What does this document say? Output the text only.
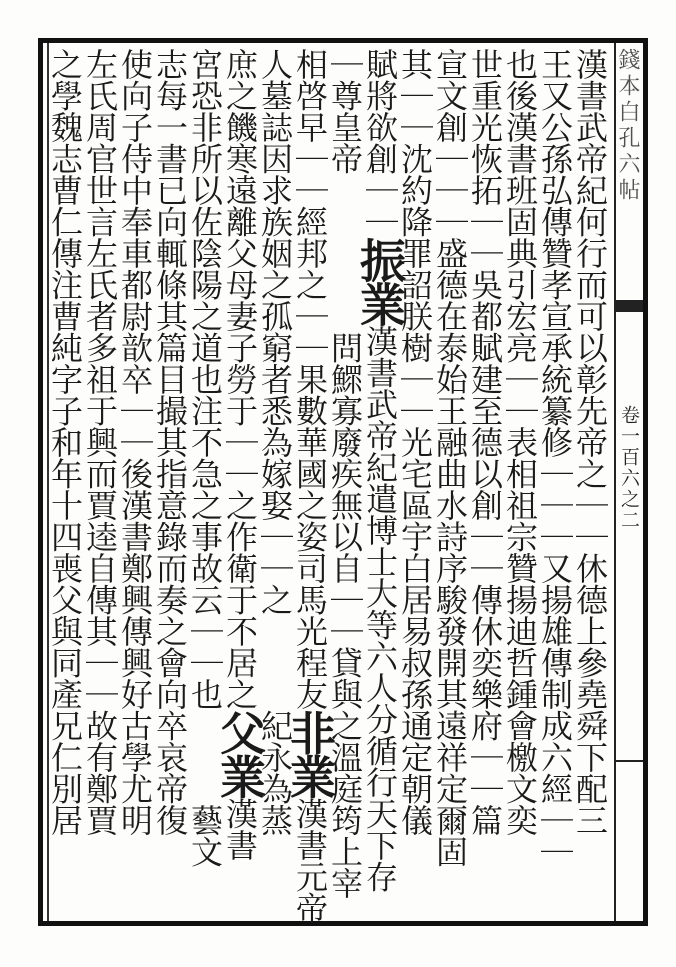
錢本白孔六帖
卷一百六之二
漢書武帝紀何行而可以彰先帝之｜｜休德上參堯舜下配三
王又公孫弘傳贊孝宣承統纂修｜｜｜又揚雄傳制成六經｜｜
也後漢書班固典引宏亮｜｜表相祖宗贊揚迪哲鍾會檄文奕
世重光恢拓｜｜吳都賦建至德以創｜｜傳休奕樂府｜｜篇
宣文創｜｜｜盛德在泰始王融曲水詩序駿發開其遠祥定爾固
其｜｜沈約降罪詔朕樹｜｜光宅區宇白居易叔孫通定朝儀
賦將欲創｜｜振業漢書武帝紀遣博士大等六人分循行天下存
｜尊皇帝　　　　　問鰥寡廢疾無以自｜｜貸與之溫庭筠上宰
相啓早｜｜經邦之｜｜果數華國之姿司馬光程友非業漢書元帝
人墓誌因求族姻之孤窮者悉為嫁娶｜｜之　　　紀永為蒸
庶之饑寒遠離父母妻子勞于｜｜之作衛于不居之父業漢書
宮恐非所以佐陰陽之道也注不急之事故云｜｜也　　　藝文
志每一書已向輒條其篇目撮其指意錄而奏之會向卒哀帝復
使向子侍中奉車都尉歆卒｜｜後漢書鄭興傳興好古學尤明
左氏周官世言左氏者多祖于興而賈逵自傳其｜｜故有鄭賈
之學魏志曹仁傳注曹純字子和年十四喪父與同產兄仁別居
